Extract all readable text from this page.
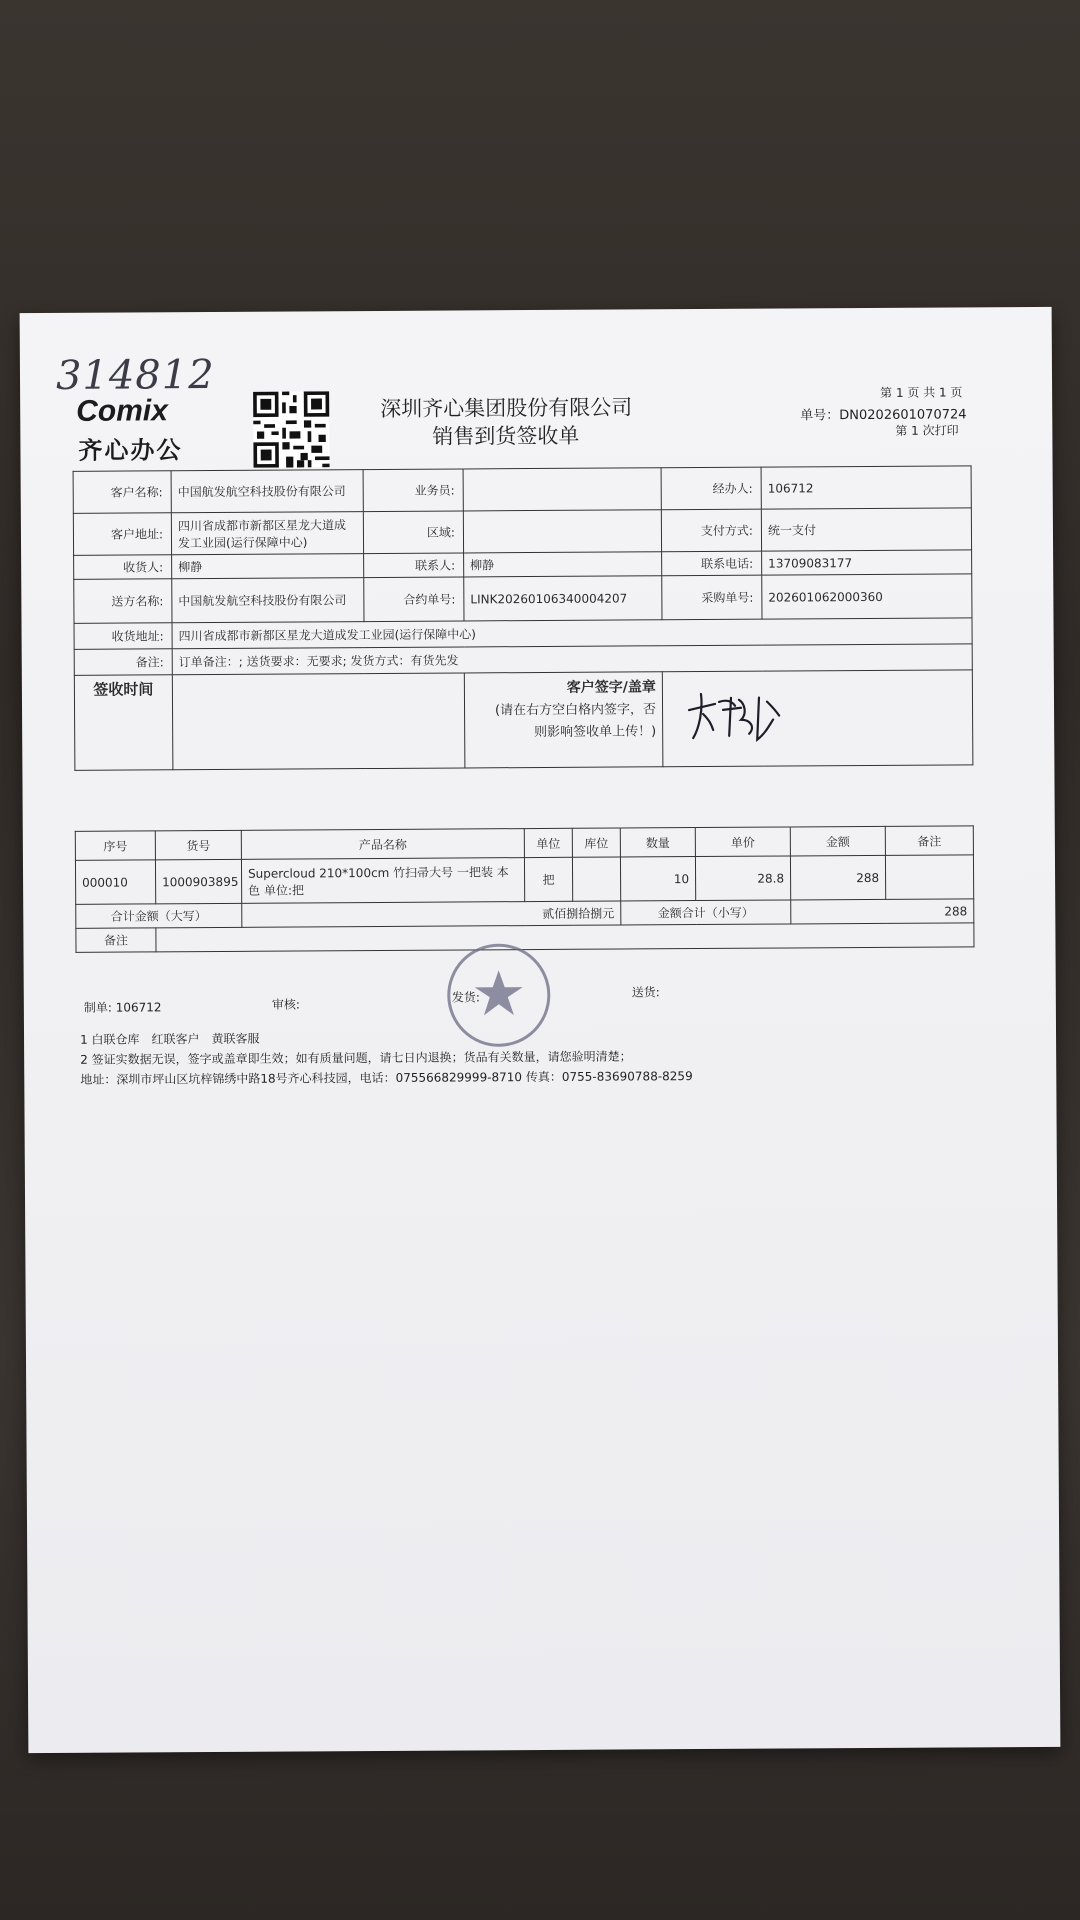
314812
Comix
齐心办公
深圳齐心集团股份有限公司
销售到货签收单
第 1 页 共 1 页
单号：DN0202601070724
第 1 次打印
客户名称:	中国航发航空科技股份有限公司	业务员:		经办人:	106712
客户地址:	四川省成都市新都区星龙大道成发工业园(运行保障中心)	区域:		支付方式:	统一支付
收货人:	柳静	联系人:	柳静	联系电话:	13709083177
送方名称:	中国航发航空科技股份有限公司	合约单号:	LINK20260106340004207	采购单号:	202601062000360
收货地址:	四川省成都市新都区星龙大道成发工业园(运行保障中心)				
备注:	订单备注：; 送货要求：无要求; 发货方式：有货先发				
签收时间			客户签字/盖章
(请在右方空白格内签字，否
则影响签收单上传！)

序号	货号	产品名称	单位	库位	数量	单价	金额	备注
000010	1000903895	Supercloud 210*100cm 竹扫帚大号 一把装 本色 单位:把	把		10	28.8	288	
合计金额（大写）		贰佰捌拾捌元			金额合计（小写）		288	
备注								
制单: 106712	审核:
发货:	送货:
1 白联仓库　红联客户　黄联客服
2 签证实数据无误，签字或盖章即生效；如有质量问题，请七日内退换；货品有关数量，请您验明清楚；
地址：深圳市坪山区坑梓锦绣中路18号齐心科技园，电话：075566829999-8710 传真：0755-83690788-8259
